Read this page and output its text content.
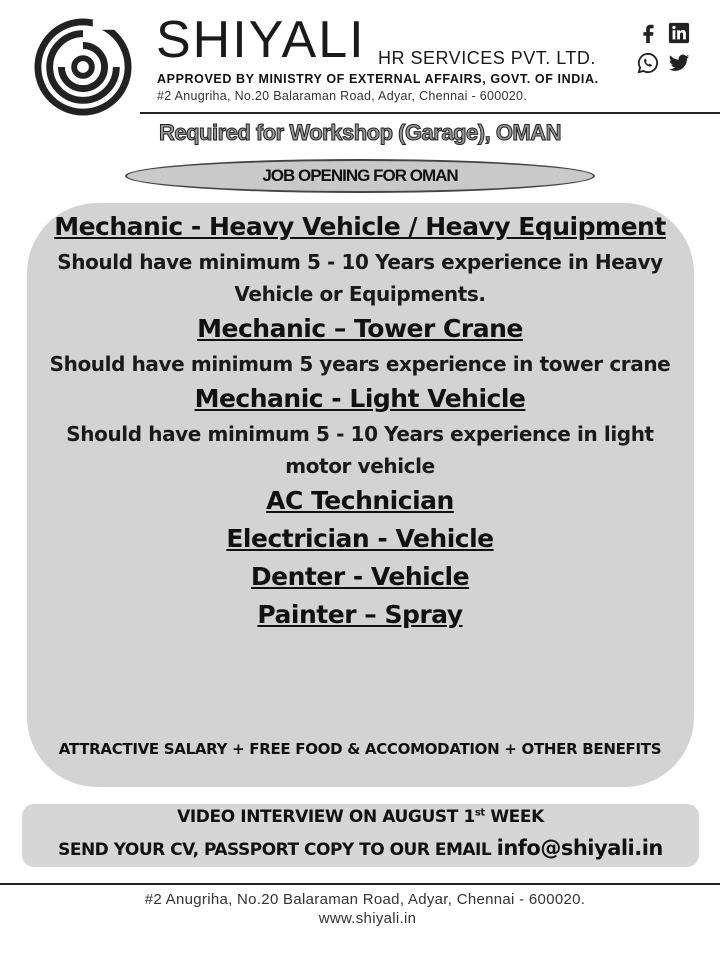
SHIYALI HR SERVICES PVT. LTD.
APPROVED BY MINISTRY OF EXTERNAL AFFAIRS, GOVT. OF INDIA.
#2 Anugriha, No.20 Balaraman Road, Adyar, Chennai - 600020.
Required for Workshop (Garage), OMAN
JOB OPENING FOR OMAN
Mechanic - Heavy Vehicle / Heavy Equipment
Should have minimum 5 - 10 Years experience in Heavy Vehicle or Equipments.
Mechanic – Tower Crane
Should have minimum 5 years experience in tower crane
Mechanic - Light Vehicle
Should have minimum 5 - 10 Years experience in light motor vehicle
AC Technician
Electrician - Vehicle
Denter - Vehicle
Painter – Spray
ATTRACTIVE SALARY + FREE FOOD & ACCOMODATION + OTHER BENEFITS
VIDEO INTERVIEW ON AUGUST 1st WEEK
SEND YOUR CV, PASSPORT COPY TO OUR EMAIL info@shiyali.in
#2 Anugriha, No.20 Balaraman Road, Adyar, Chennai - 600020.
www.shiyali.in
